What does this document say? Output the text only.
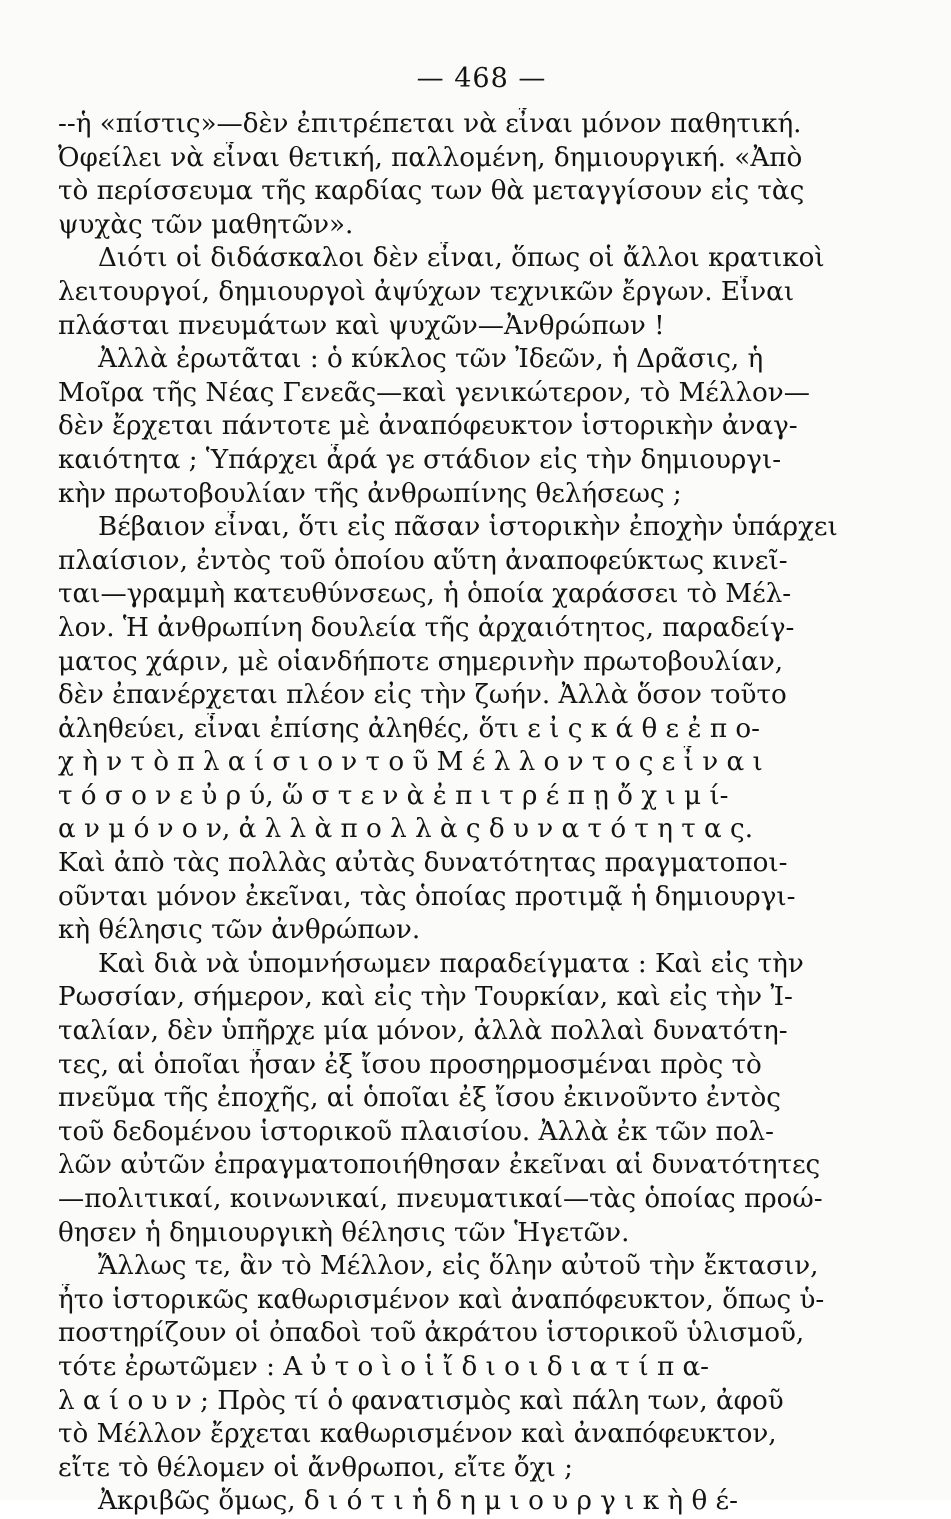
— 468 —
--ἡ «πίστις»—δὲν ἐπιτρέπεται νὰ εἶναι μόνον παθητική.
Ὀφείλει νὰ εἶναι θετική, παλλομένη, δημιουργική. «Ἀπὸ
τὸ περίσσευμα τῆς καρδίας των θὰ μεταγγίσουν εἰς τὰς
ψυχὰς τῶν μαθητῶν».
Διότι οἱ διδάσκαλοι δὲν εἶναι, ὅπως οἱ ἄλλοι κρατικοὶ
λειτουργοί, δημιουργοὶ ἀψύχων τεχνικῶν ἔργων. Εἶναι
πλάσται πνευμάτων καὶ ψυχῶν—Ἀνθρώπων !
Ἀλλὰ ἐρωτᾶται : ὁ κύκλος τῶν Ἰδεῶν, ἡ Δρᾶσις, ἡ
Μοῖρα τῆς Νέας Γενεᾶς—καὶ γενικώτερον, τὸ Μέλλον—
δὲν ἔρχεται πάντοτε μὲ ἀναπόφευκτον ἱστορικὴν ἀναγ-
καιότητα ; Ὑπάρχει ἆρά γε στάδιον εἰς τὴν δημιουργι-
κὴν πρωτοβουλίαν τῆς ἀνθρωπίνης θελήσεως ;
Βέβαιον εἶναι, ὅτι εἰς πᾶσαν ἱστορικὴν ἐποχὴν ὑπάρχει
πλαίσιον, ἐντὸς τοῦ ὁποίου αὕτη ἀναποφεύκτως κινεῖ-
ται—γραμμὴ κατευθύνσεως, ἡ ὁποία χαράσσει τὸ Μέλ-
λον. Ἡ ἀνθρωπίνη δουλεία τῆς ἀρχαιότητος, παραδείγ-
ματος χάριν, μὲ οἱανδήποτε σημερινὴν πρωτοβουλίαν,
δὲν ἐπανέρχεται πλέον εἰς τὴν ζωήν. Ἀλλὰ ὅσον τοῦτο
ἀληθεύει, εἶναι ἐπίσης ἀληθές, ὅτι ε ἰ ς κ ά θ ε ἐ π ο-
χ ὴ ν τ ὸ π λ α ί σ ι ο ν τ ο ῦ Μ έ λ λ ο ν τ ο ς ε ἶ ν α ι
τ ό σ ο ν ε ὐ ρ ύ, ὥ σ τ ε ν ὰ ἐ π ι τ ρ έ π ῃ ὄ χ ι μ ί-
α ν μ ό ν ο ν, ἀ λ λ ὰ π ο λ λ ὰ ς δ υ ν α τ ό τ η τ α ς.
Καὶ ἀπὸ τὰς πολλὰς αὐτὰς δυνατότητας πραγματοποι-
οῦνται μόνον ἐκεῖναι, τὰς ὁποίας προτιμᾷ ἡ δημιουργι-
κὴ θέλησις τῶν ἀνθρώπων.
Καὶ διὰ νὰ ὑπομνήσωμεν παραδείγματα : Καὶ εἰς τὴν
Ρωσσίαν, σήμερον, καὶ εἰς τὴν Τουρκίαν, καὶ εἰς τὴν Ἰ-
ταλίαν, δὲν ὑπῆρχε μία μόνον, ἀλλὰ πολλαὶ δυνατότη-
τες, αἱ ὁποῖαι ἦσαν ἐξ ἴσου προσηρμοσμέναι πρὸς τὸ
πνεῦμα τῆς ἐποχῆς, αἱ ὁποῖαι ἐξ ἴσου ἐκινοῦντο ἐντὸς
τοῦ δεδομένου ἱστορικοῦ πλαισίου. Ἀλλὰ ἐκ τῶν πολ-
λῶν αὐτῶν ἐπραγματοποιήθησαν ἐκεῖναι αἱ δυνατότητες
—πολιτικαί, κοινωνικαί, πνευματικαί—τὰς ὁποίας προώ-
θησεν ἡ δημιουργικὴ θέλησις τῶν Ἡγετῶν.
Ἄλλως τε, ἂν τὸ Μέλλον, εἰς ὅλην αὐτοῦ τὴν ἔκτασιν,
ἦτο ἱστορικῶς καθωρισμένον καὶ ἀναπόφευκτον, ὅπως ὑ-
ποστηρίζουν οἱ ὀπαδοὶ τοῦ ἀκράτου ἱστορικοῦ ὑλισμοῦ,
τότε ἐρωτῶμεν : Α ὐ τ ο ὶ ο ἱ ἴ δ ι ο ι δ ι α τ ί π α-
λ α ί ο υ ν ; Πρὸς τί ὁ φανατισμὸς καὶ πάλη των, ἀφοῦ
τὸ Μέλλον ἔρχεται καθωρισμένον καὶ ἀναπόφευκτον,
εἴτε τὸ θέλομεν οἱ ἄνθρωποι, εἴτε ὄχι ;
Ἀκριβῶς ὅμως, δ ι ό τ ι ἡ δ η μ ι ο υ ρ γ ι κ ὴ θ έ-
